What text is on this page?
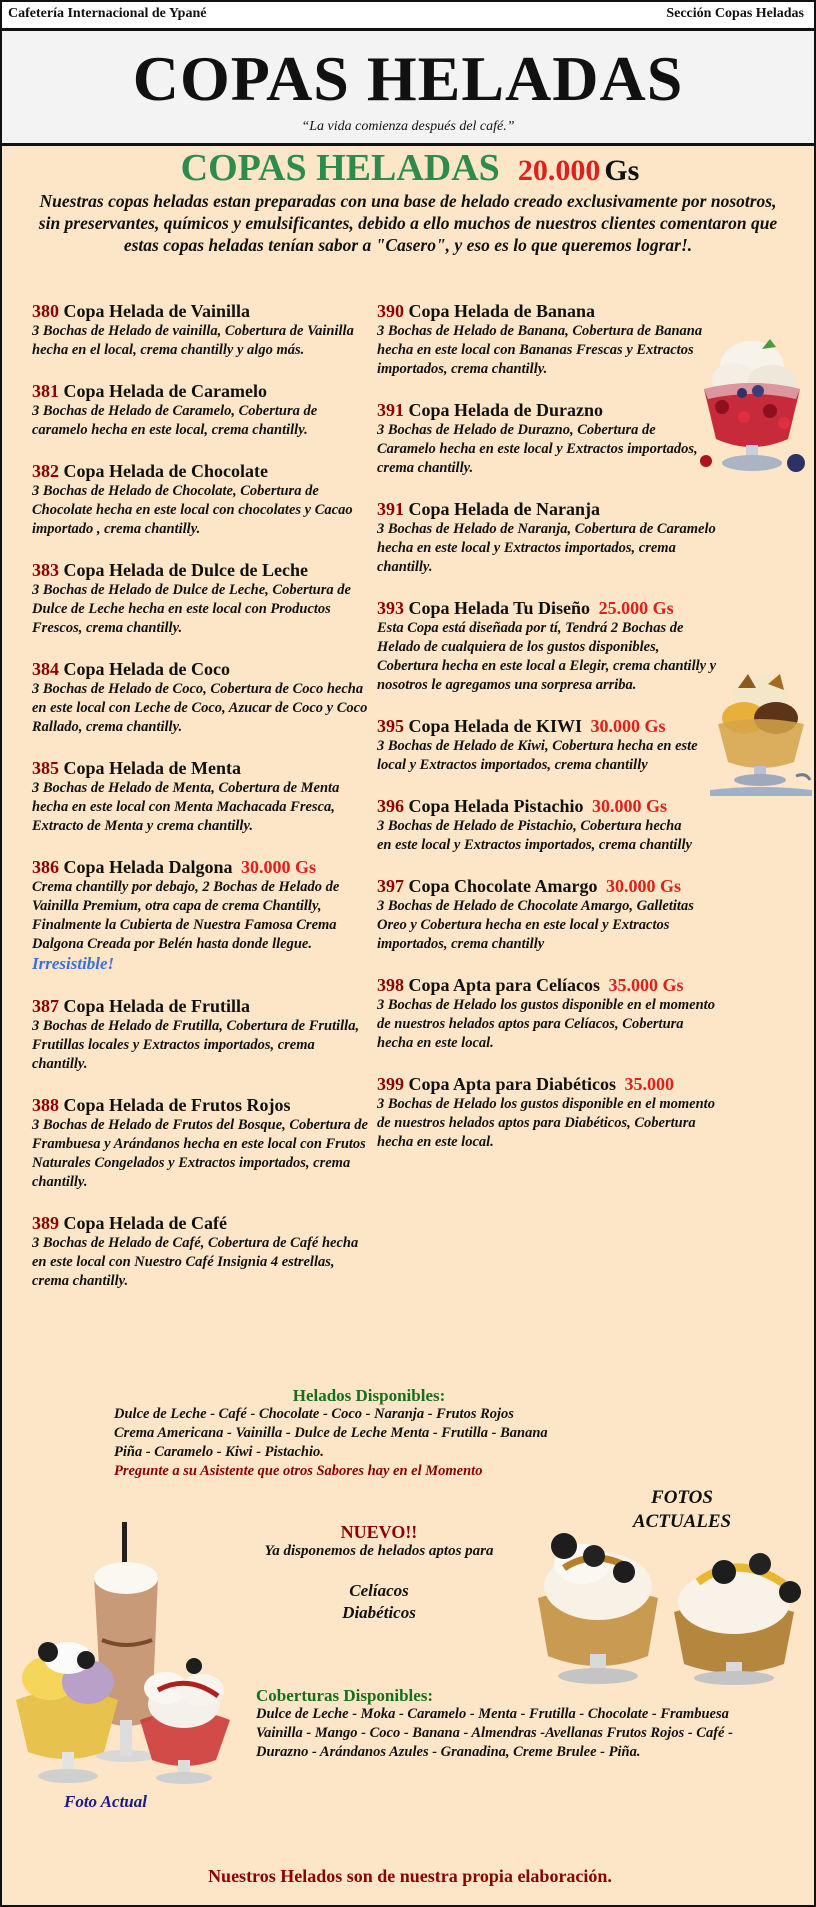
Cafetería Internacional de Ypané	Sección Copas Heladas
COPAS HELADAS
“La vida comienza después del café.”
COPAS HELADAS 20.000 Gs
Nuestras copas heladas estan preparadas con una base de helado creado exclusivamente por nosotros, sin preservantes, químicos y emulsificantes, debido a ello muchos de nuestros clientes comentaron que estas copas heladas tenían sabor a "Casero", y eso es lo que queremos lograr!.
380 Copa Helada de Vainilla
3 Bochas de Helado de vainilla, Cobertura de Vainilla hecha en el local, crema chantilly y algo más.
381 Copa Helada de Caramelo
3 Bochas de Helado de Caramelo, Cobertura de caramelo hecha en este local, crema chantilly.
382 Copa Helada de Chocolate
3 Bochas de Helado de Chocolate, Cobertura de Chocolate hecha en este local con chocolates y Cacao importado , crema chantilly.
383 Copa Helada de Dulce de Leche
3 Bochas de Helado de Dulce de Leche, Cobertura de Dulce de Leche hecha en este local con Productos Frescos, crema chantilly.
384 Copa Helada de Coco
3 Bochas de Helado de Coco, Cobertura de Coco hecha en este local con Leche de Coco, Azucar de Coco y Coco Rallado, crema chantilly.
385 Copa Helada de Menta
3 Bochas de Helado de Menta, Cobertura de Menta hecha en este local con Menta Machacada Fresca, Extracto de Menta y crema chantilly.
386 Copa Helada Dalgona 30.000 Gs
Crema chantilly por debajo, 2 Bochas de Helado de Vainilla Premium, otra capa de crema Chantilly, Finalmente la Cubierta de Nuestra Famosa Crema Dalgona Creada por Belén hasta donde llegue. Irresistible!
387 Copa Helada de Frutilla
3 Bochas de Helado de Frutilla, Cobertura de Frutilla, Frutillas locales y Extractos importados, crema chantilly.
388 Copa Helada de Frutos Rojos
3 Bochas de Helado de Frutos del Bosque, Cobertura de Frambuesa y Arándanos hecha en este local con Frutos Naturales Congelados y Extractos importados, crema chantilly.
389 Copa Helada de Café
3 Bochas de Helado de Café, Cobertura de Café hecha en este local con Nuestro Café Insignia 4 estrellas, crema chantilly.
390 Copa Helada de Banana
3 Bochas de Helado de Banana, Cobertura de Banana hecha en este local con Bananas Frescas y Extractos importados, crema chantilly.
391 Copa Helada de Durazno
3 Bochas de Helado de Durazno, Cobertura de Caramelo hecha en este local y Extractos importados, crema chantilly.
391 Copa Helada de Naranja
3 Bochas de Helado de Naranja, Cobertura de Caramelo hecha en este local y Extractos importados, crema chantilly.
393 Copa Helada Tu Diseño 25.000 Gs
Esta Copa está diseñada por tí, Tendrá 2 Bochas de Helado de cualquiera de los gustos disponibles, Cobertura hecha en este local a Elegir, crema chantilly y nosotros le agregamos una sorpresa arriba.
395 Copa Helada de KIWI 30.000 Gs
3 Bochas de Helado de Kiwi, Cobertura hecha en este local y Extractos importados, crema chantilly
396 Copa Helada Pistachio 30.000 Gs
3 Bochas de Helado de Pistachio, Cobertura hecha en este local y Extractos importados, crema chantilly
397 Copa Chocolate Amargo 30.000 Gs
3 Bochas de Helado de Chocolate Amargo, Galletitas Oreo y Cobertura hecha en este local y Extractos importados, crema chantilly
398 Copa Apta para Celíacos 35.000 Gs
3 Bochas de Helado los gustos disponible en el momento de nuestros helados aptos para Celíacos, Cobertura hecha en este local.
399 Copa Apta para Diabéticos 35.000
3 Bochas de Helado los gustos disponible en el momento de nuestros helados aptos para Diabéticos, Cobertura hecha en este local.
Helados Disponibles:
Dulce de Leche - Café - Chocolate - Coco - Naranja - Frutos Rojos
Crema Americana - Vainilla - Dulce de Leche Menta - Frutilla - Banana
Piña - Caramelo - Kiwi - Pistachio.
Pregunte a su Asistente que otros Sabores hay en el Momento
FOTOS
ACTUALES
NUEVO!!
Ya disponemos de helados aptos para
Celíacos
Diabéticos
Coberturas Disponibles:
Dulce de Leche - Moka - Caramelo - Menta - Frutilla - Chocolate - Frambuesa Vainilla - Mango - Coco - Banana - Almendras -Avellanas Frutos Rojos - Café - Durazno - Arándanos Azules - Granadina, Creme Brulee - Piña.
Foto Actual
Nuestros Helados son de nuestra propia elaboración.
